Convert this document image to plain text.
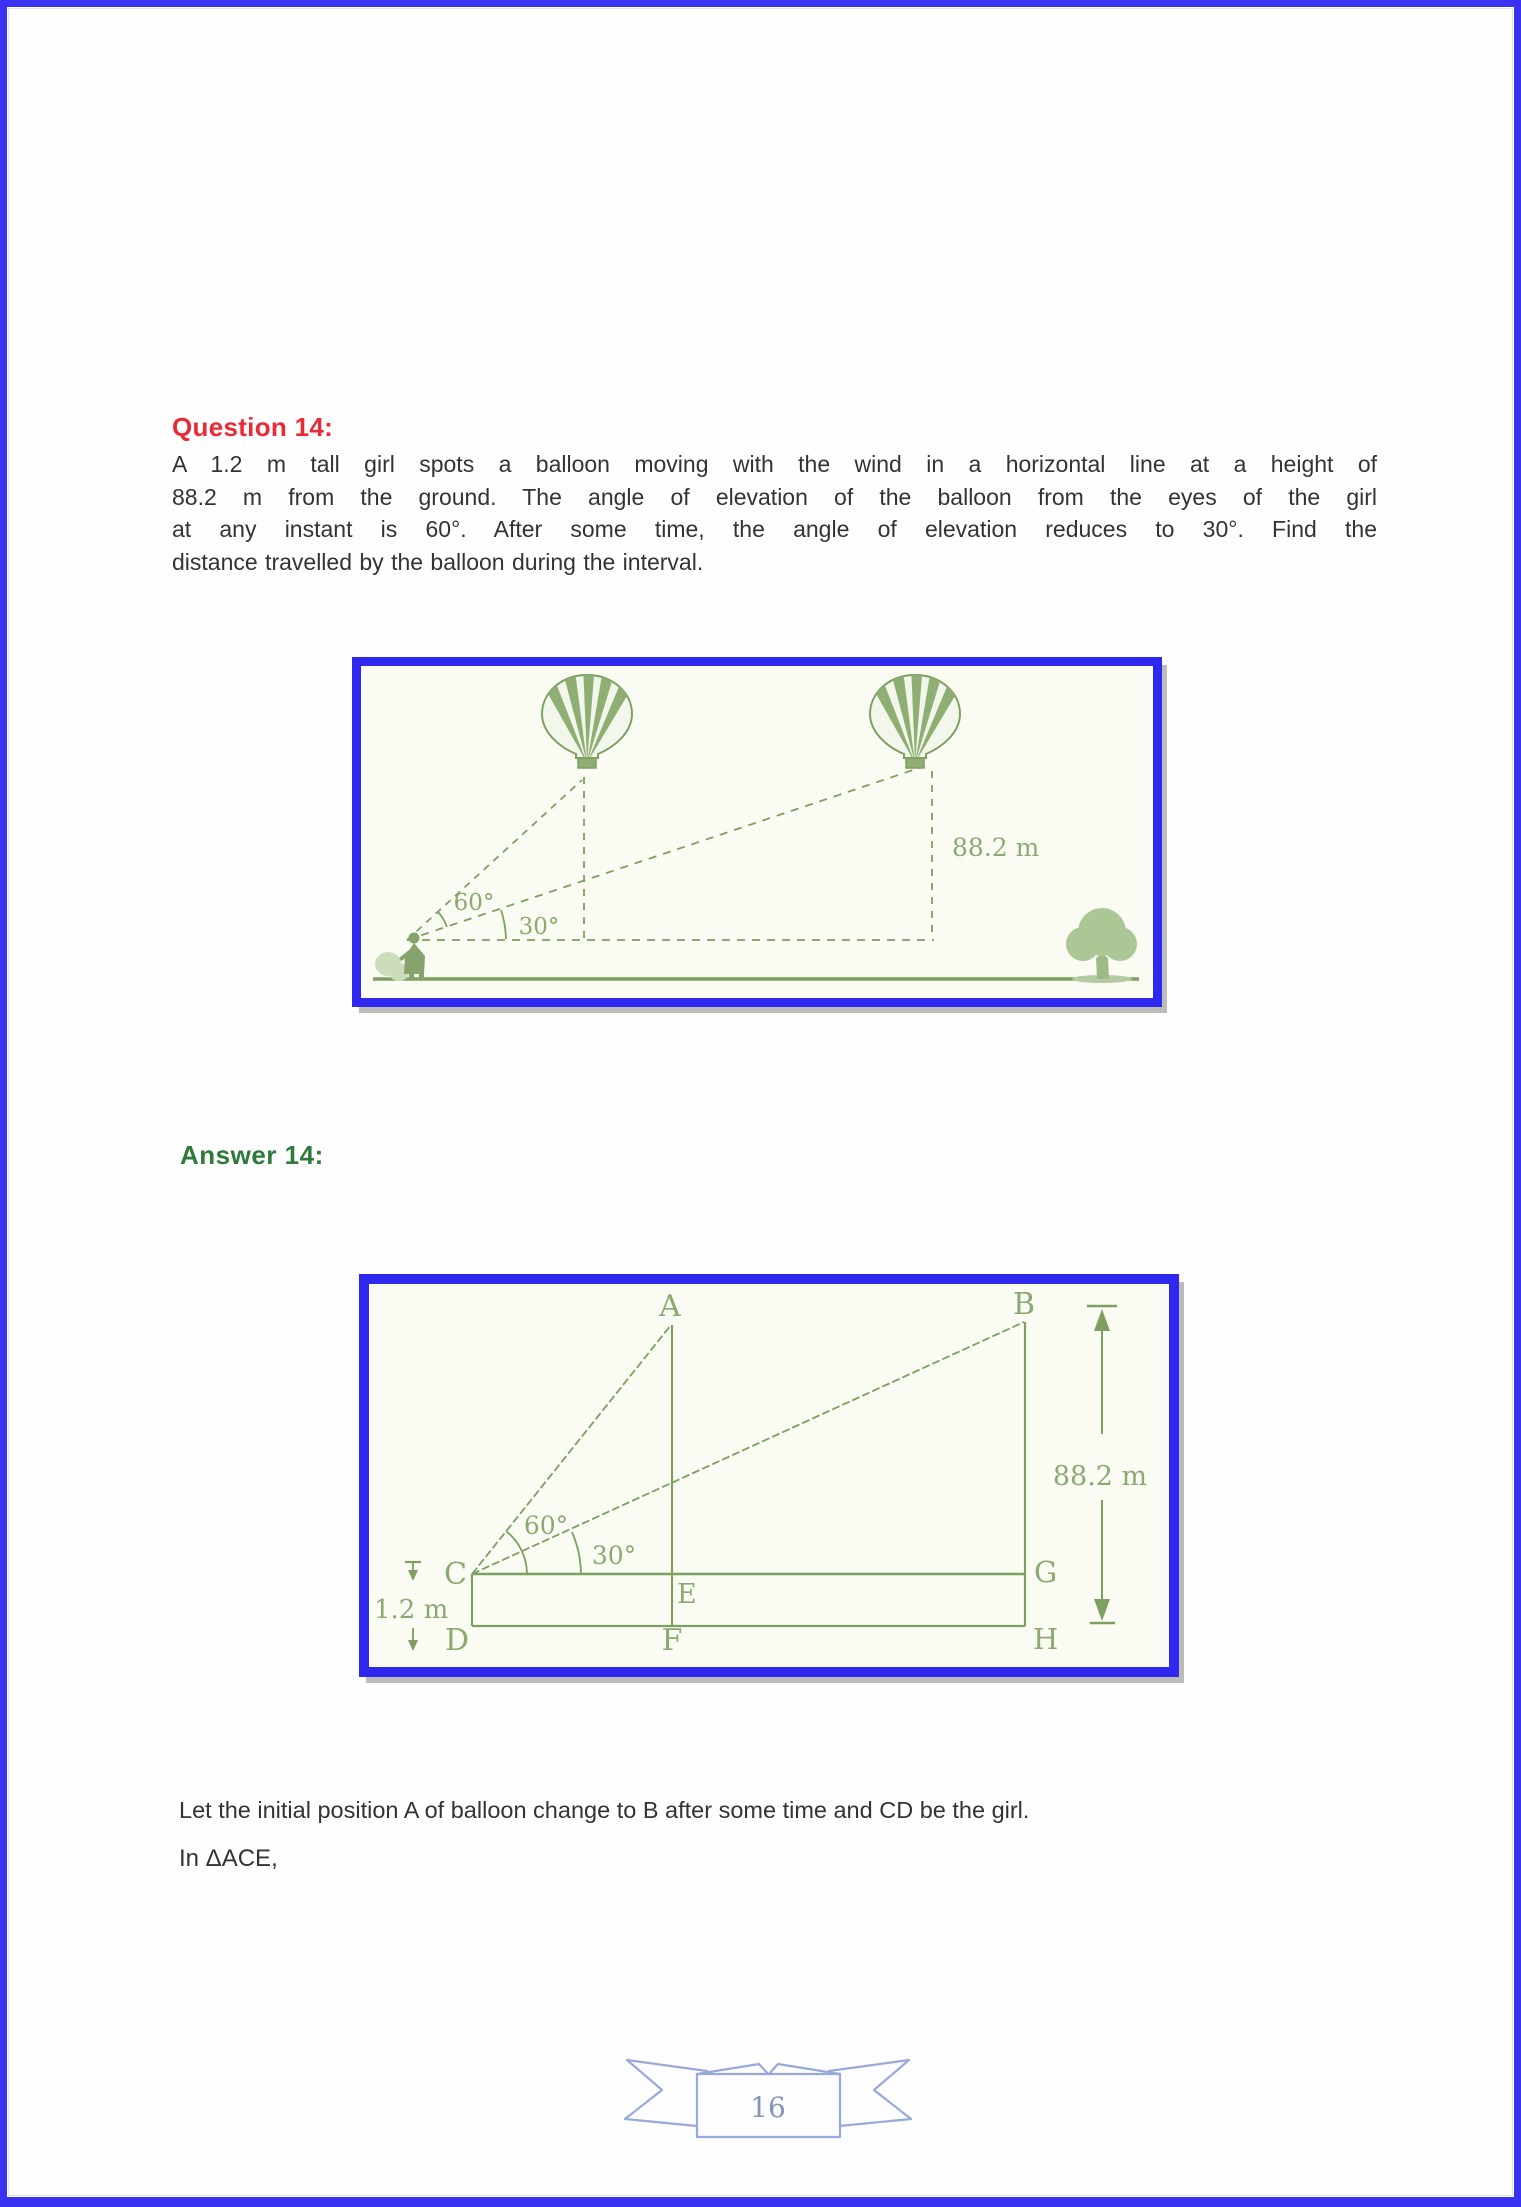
Question 14:
A 1.2 m tall girl spots a balloon moving with the wind in a horizontal line at a height of
88.2 m from the ground. The angle of elevation of the balloon from the eyes of the girl
at any instant is 60°. After some time, the angle of elevation reduces to 30°. Find the
distance travelled by the balloon during the interval.
60°
30°
88.2 m
Answer 14:
A	B
C
D
E
F
G
H
60°
30°
88.2 m
1.2 m

Let the initial position A of balloon change to B after some time and CD be the girl.

In ΔACE,

16
